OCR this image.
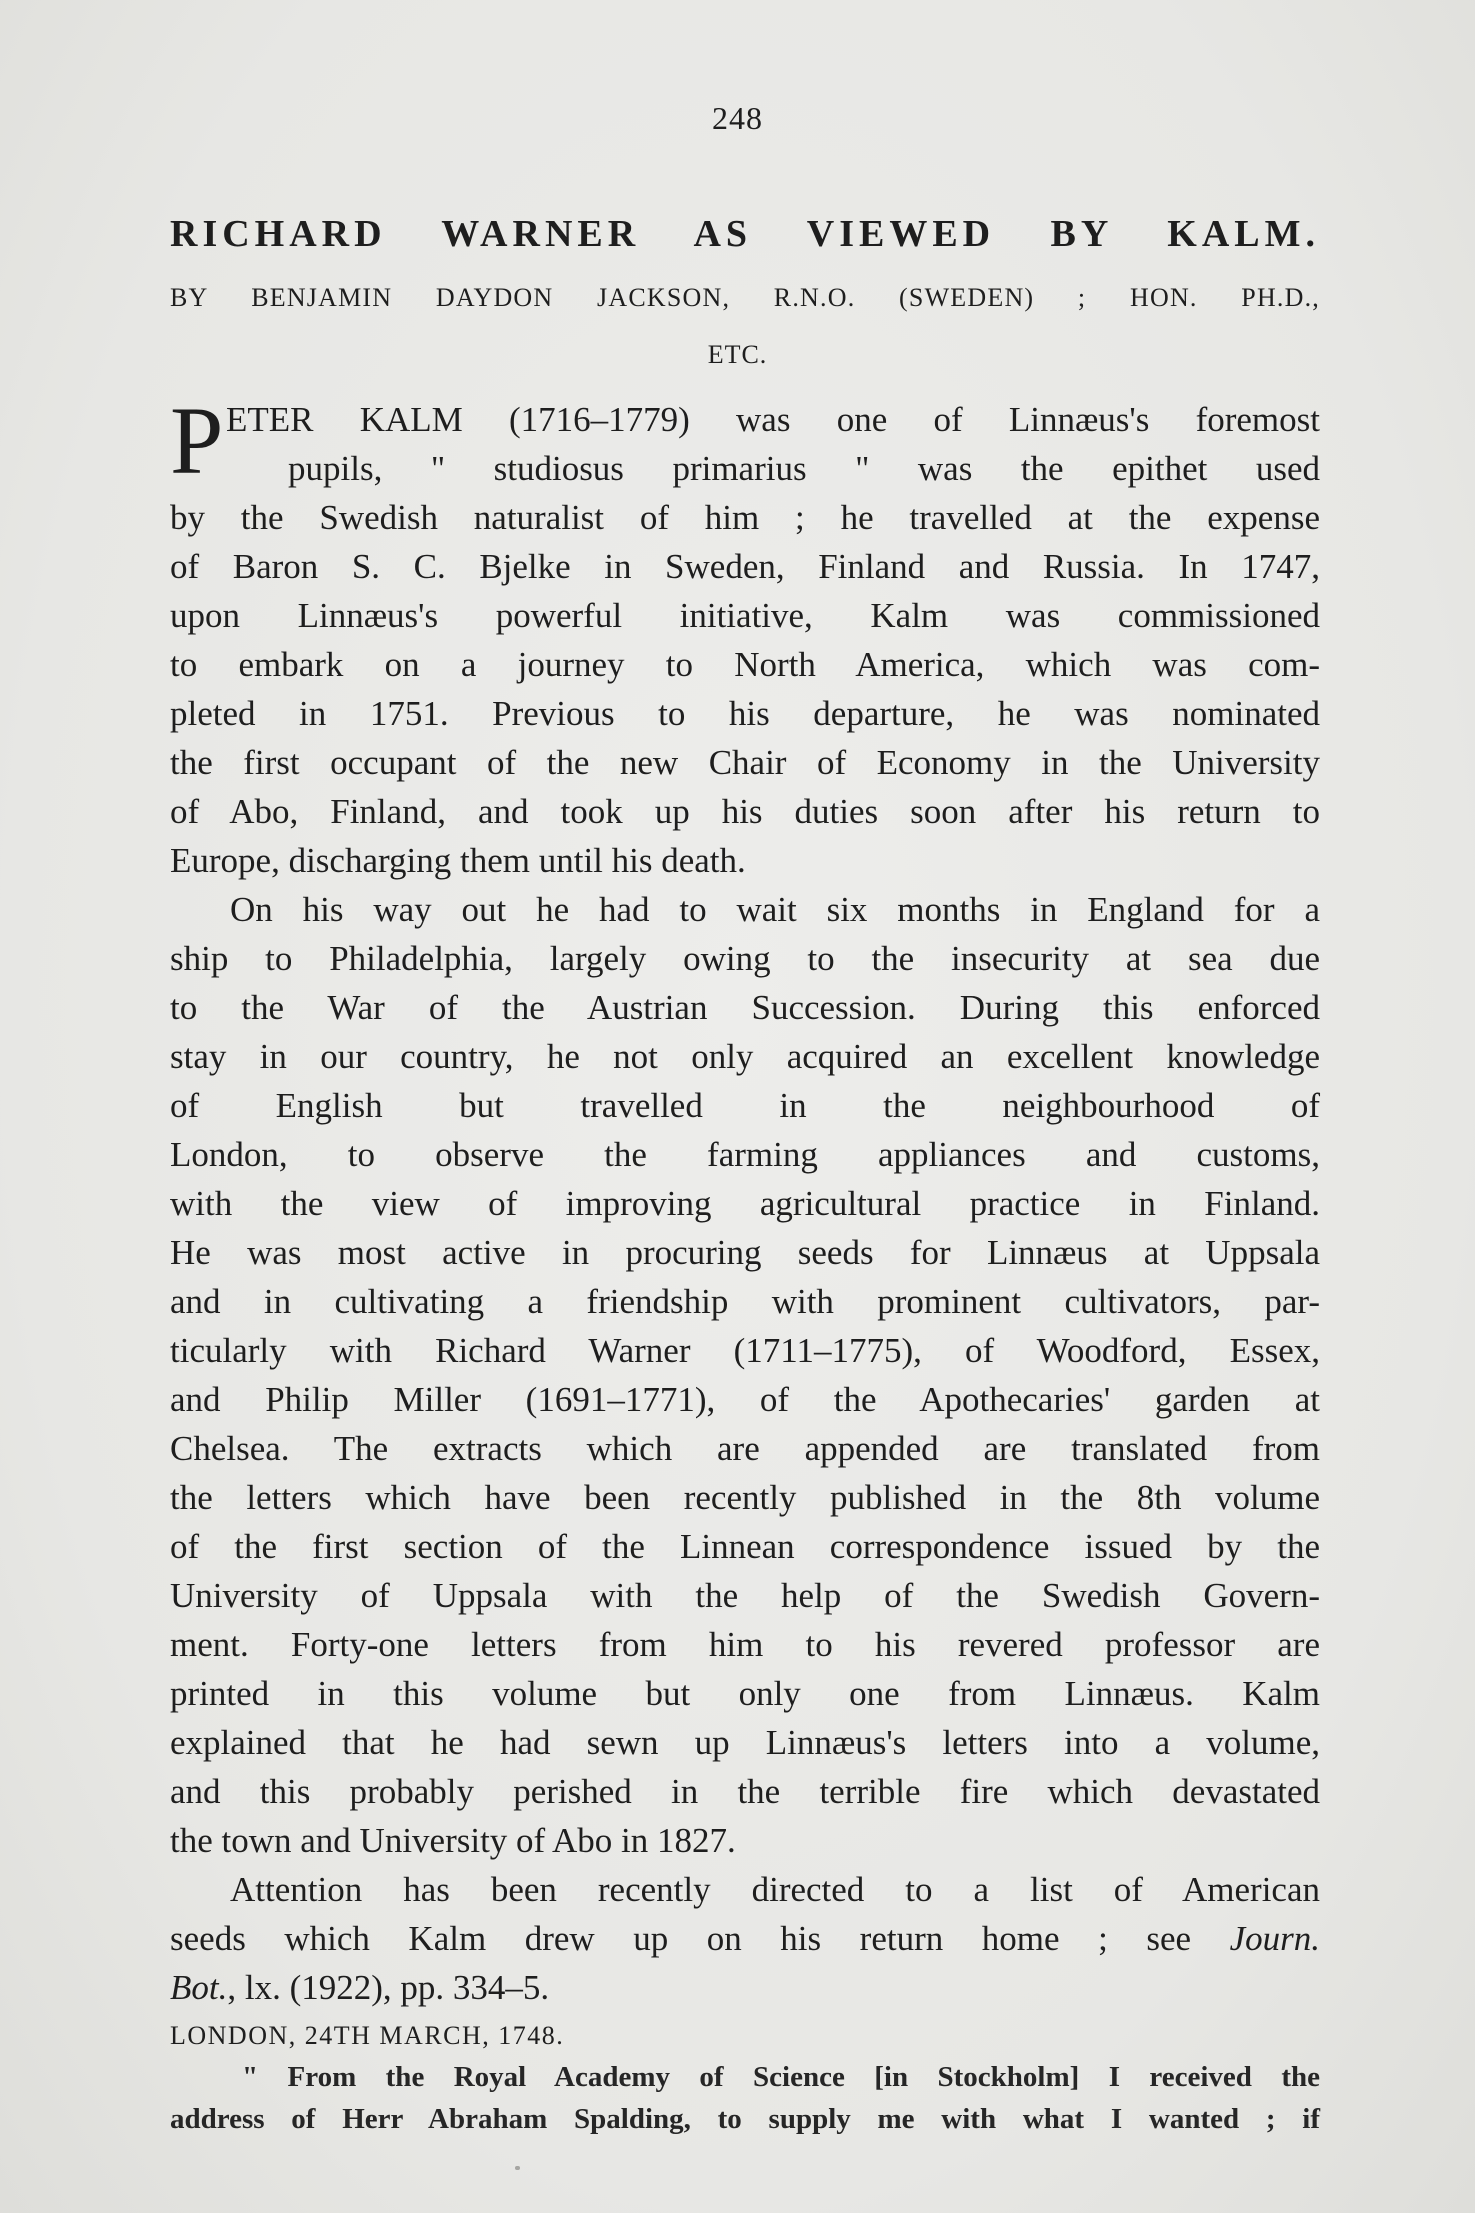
248
RICHARD WARNER AS VIEWED BY KALM.
BY BENJAMIN DAYDON JACKSON, R.N.O. (SWEDEN) ; HON. PH.D.,
ETC.
P ETER KALM (1716–1779) was one of Linnæus's foremost
pupils, " studiosus primarius " was the epithet used
by the Swedish naturalist of him ; he travelled at the expense
of Baron S. C. Bjelke in Sweden, Finland and Russia. In 1747,
upon Linnæus's powerful initiative, Kalm was commissioned
to embark on a journey to North America, which was com-
pleted in 1751. Previous to his departure, he was nominated
the first occupant of the new Chair of Economy in the University
of Abo, Finland, and took up his duties soon after his return to
Europe, discharging them until his death.
On his way out he had to wait six months in England for a
ship to Philadelphia, largely owing to the insecurity at sea due
to the War of the Austrian Succession. During this enforced
stay in our country, he not only acquired an excellent knowledge
of English but travelled in the neighbourhood of
London, to observe the farming appliances and customs,
with the view of improving agricultural practice in Finland.
He was most active in procuring seeds for Linnæus at Uppsala
and in cultivating a friendship with prominent cultivators, par-
ticularly with Richard Warner (1711–1775), of Woodford, Essex,
and Philip Miller (1691–1771), of the Apothecaries' garden at
Chelsea. The extracts which are appended are translated from
the letters which have been recently published in the 8th volume
of the first section of the Linnean correspondence issued by the
University of Uppsala with the help of the Swedish Govern-
ment. Forty-one letters from him to his revered professor are
printed in this volume but only one from Linnæus. Kalm
explained that he had sewn up Linnæus's letters into a volume,
and this probably perished in the terrible fire which devastated
the town and University of Abo in 1827.
Attention has been recently directed to a list of American
seeds which Kalm drew up on his return home ; see Journ.
Bot., lx. (1922), pp. 334–5.
LONDON, 24TH MARCH, 1748.
" From the Royal Academy of Science [in Stockholm] I received the
address of Herr Abraham Spalding, to supply me with what I wanted ; if
